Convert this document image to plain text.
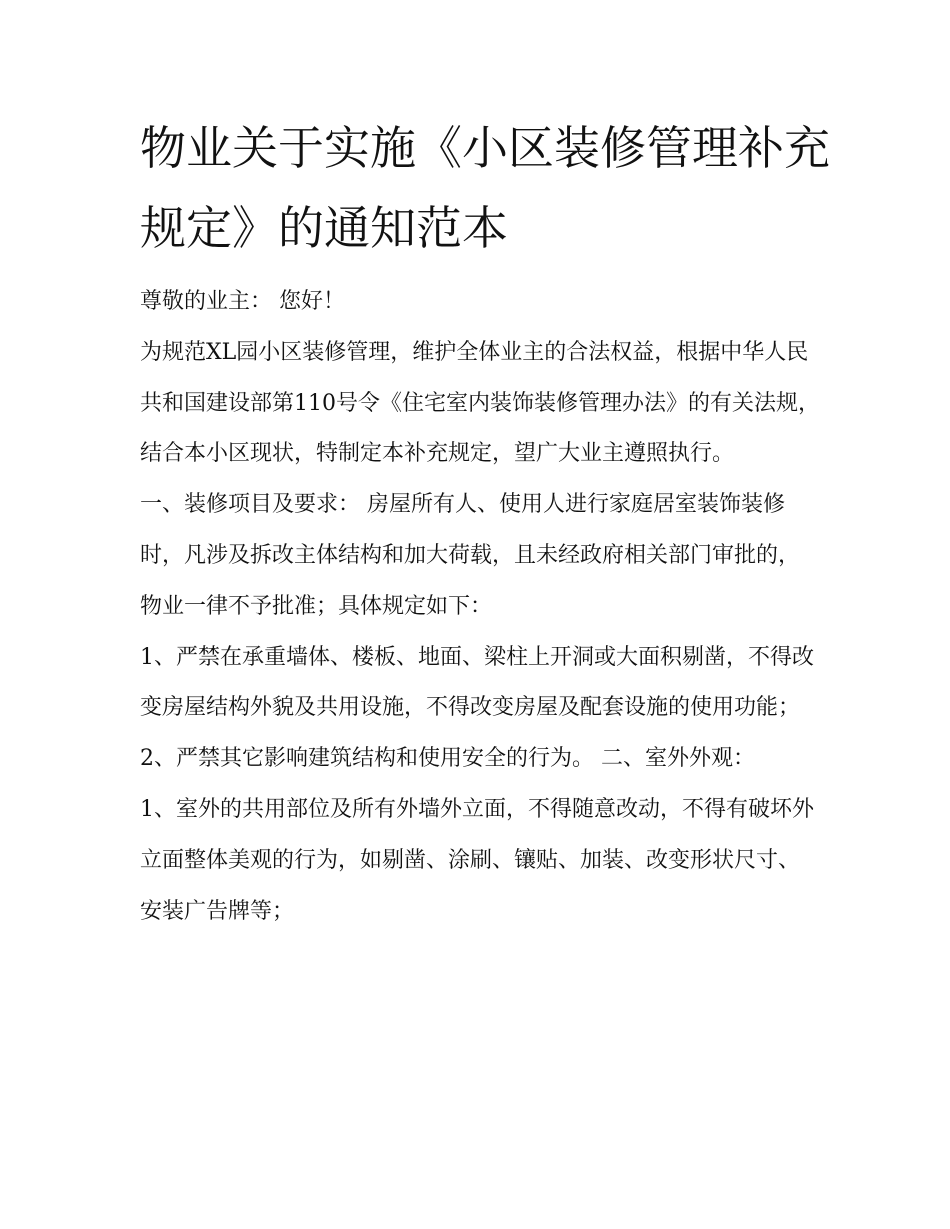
物业关于实施《小区装修管理补充规定》的通知范本

尊敬的业主： 您好！

为规范XL园小区装修管理，维护全体业主的合法权益，根据中华人民共和国建设部第110号令《住宅室内装饰装修管理办法》的有关法规，结合本小区现状，特制定本补充规定，望广大业主遵照执行。

一、装修项目及要求： 房屋所有人、使用人进行家庭居室装饰装修时，凡涉及拆改主体结构和加大荷载，且未经政府相关部门审批的，物业一律不予批准；具体规定如下：

1、严禁在承重墙体、楼板、地面、梁柱上开洞或大面积剔凿，不得改变房屋结构外貌及共用设施，不得改变房屋及配套设施的使用功能；

2、严禁其它影响建筑结构和使用安全的行为。 二、室外外观：

1、室外的共用部位及所有外墙外立面，不得随意改动，不得有破坏外立面整体美观的行为，如剔凿、涂刷、镶贴、加装、改变形状尺寸、安装广告牌等；
